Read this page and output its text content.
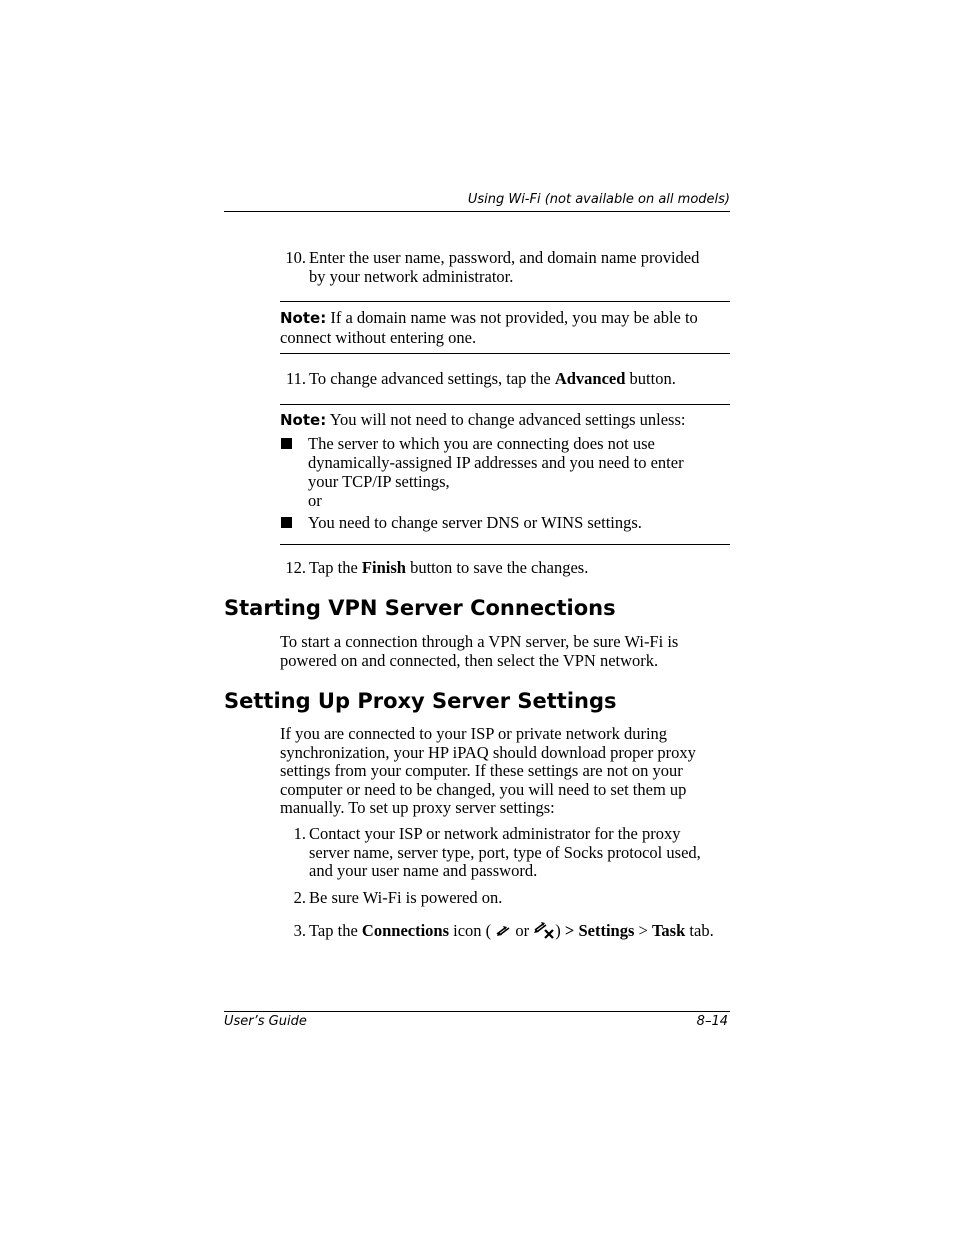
Using Wi-Fi (not available on all models)
10. Enter the user name, password, and domain name provided
by your network administrator.
Note: If a domain name was not provided, you may be able to
connect without entering one.
11. To change advanced settings, tap the Advanced button.
Note: You will not need to change advanced settings unless:
The server to which you are connecting does not use
dynamically-assigned IP addresses and you need to enter
your TCP/IP settings,
or
You need to change server DNS or WINS settings.
12. Tap the Finish button to save the changes.
Starting VPN Server Connections
To start a connection through a VPN server, be sure Wi-Fi is
powered on and connected, then select the VPN network.
Setting Up Proxy Server Settings
If you are connected to your ISP or private network during
synchronization, your HP iPAQ should download proper proxy
settings from your computer. If these settings are not on your
computer or need to be changed, you will need to set them up
manually. To set up proxy server settings:
1. Contact your ISP or network administrator for the proxy
server name, server type, port, type of Socks protocol used,
and your user name and password.
2. Be sure Wi-Fi is powered on.
3. Tap the Connections icon (  or ) > Settings > Task tab.
User’s Guide	8–14
